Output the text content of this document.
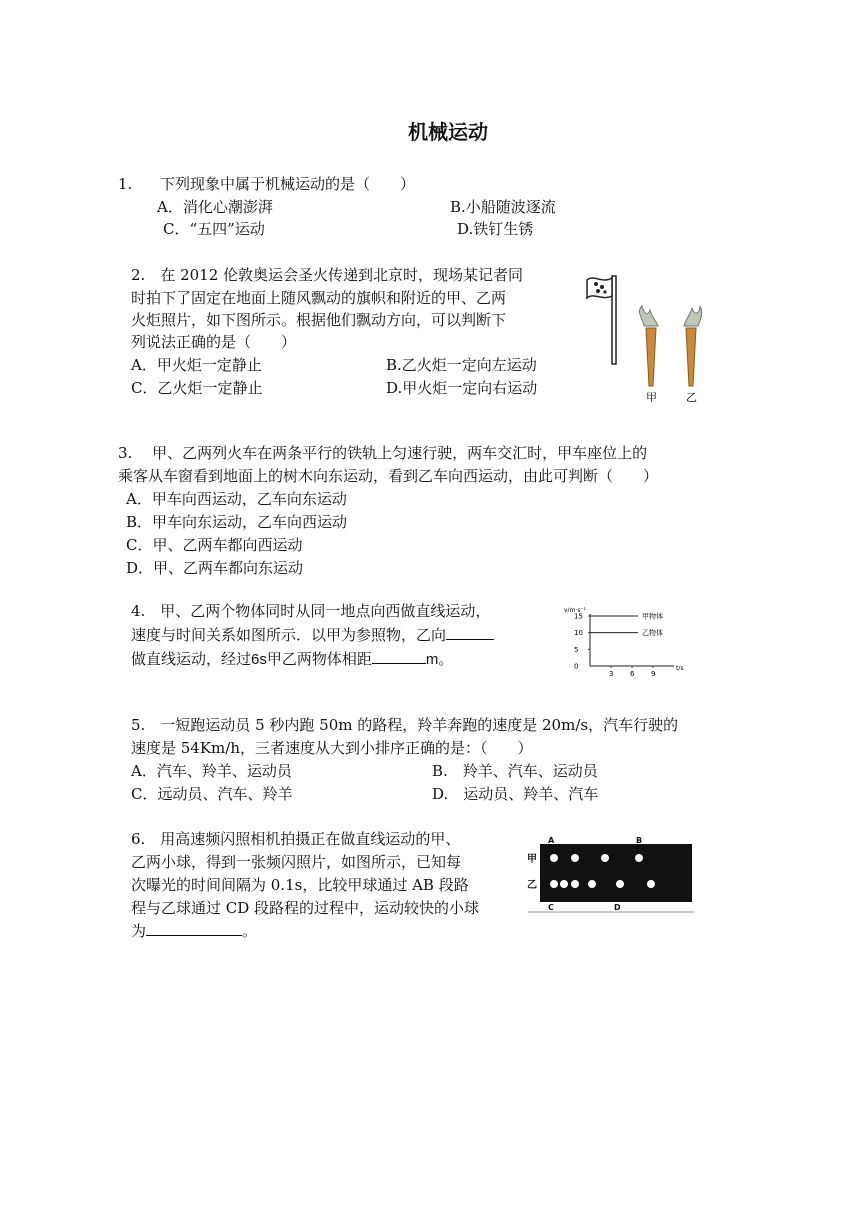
机械运动
1. 下列现象中属于机械运动的是（　　）
A．消化心潮澎湃	B.小船随波逐流
C．“五四”运动	D.铁钉生锈
2.　在 2012 伦敦奥运会圣火传递到北京时，现场某记者同
时拍下了固定在地面上随风飘动的旗帜和附近的甲、乙两
火炬照片，如下图所示。根据他们飘动方向，可以判断下
列说法正确的是（　　）
A．甲火炬一定静止	B.乙火炬一定向左运动
C．乙火炬一定静止	D.甲火炬一定向右运动
甲	乙
3.　 甲、乙两列火车在两条平行的铁轨上匀速行驶，两车交汇时，甲车座位上的
乘客从车窗看到地面上的树木向东运动，看到乙车向西运动，由此可判断（　　）
A．甲车向西运动，乙车向东运动
B．甲车向东运动，乙车向西运动
C．甲、乙两车都向西运动
D．甲、乙两车都向东运动
4.　甲、乙两个物体同时从同一地点向西做直线运动，
速度与时间关系如图所示．以甲为参照物，乙向
做直线运动，经过6s甲乙两物体相距	m。
v/m·s⁻¹
t/s
15
10
5
0
3 6 9
甲物体
乙物体
5.　一短跑运动员 5 秒内跑 50m 的路程，羚羊奔跑的速度是 20m/s，汽车行驶的
速度是 54Km/h，三者速度从大到小排序正确的是：（　　）
A．汽车、羚羊、运动员	B.　羚羊、汽车、运动员
C．远动员、汽车、羚羊	D.　运动员、羚羊、汽车
6.　用高速频闪照相机拍摄正在做直线运动的甲、
乙两小球，得到一张频闪照片，如图所示，已知每
次曝光的时间间隔为 0.1s，比较甲球通过 AB 段路
程与乙球通过 CD 段路程的过程中，运动较快的小球
为	。
A	B
C	D
甲
乙
